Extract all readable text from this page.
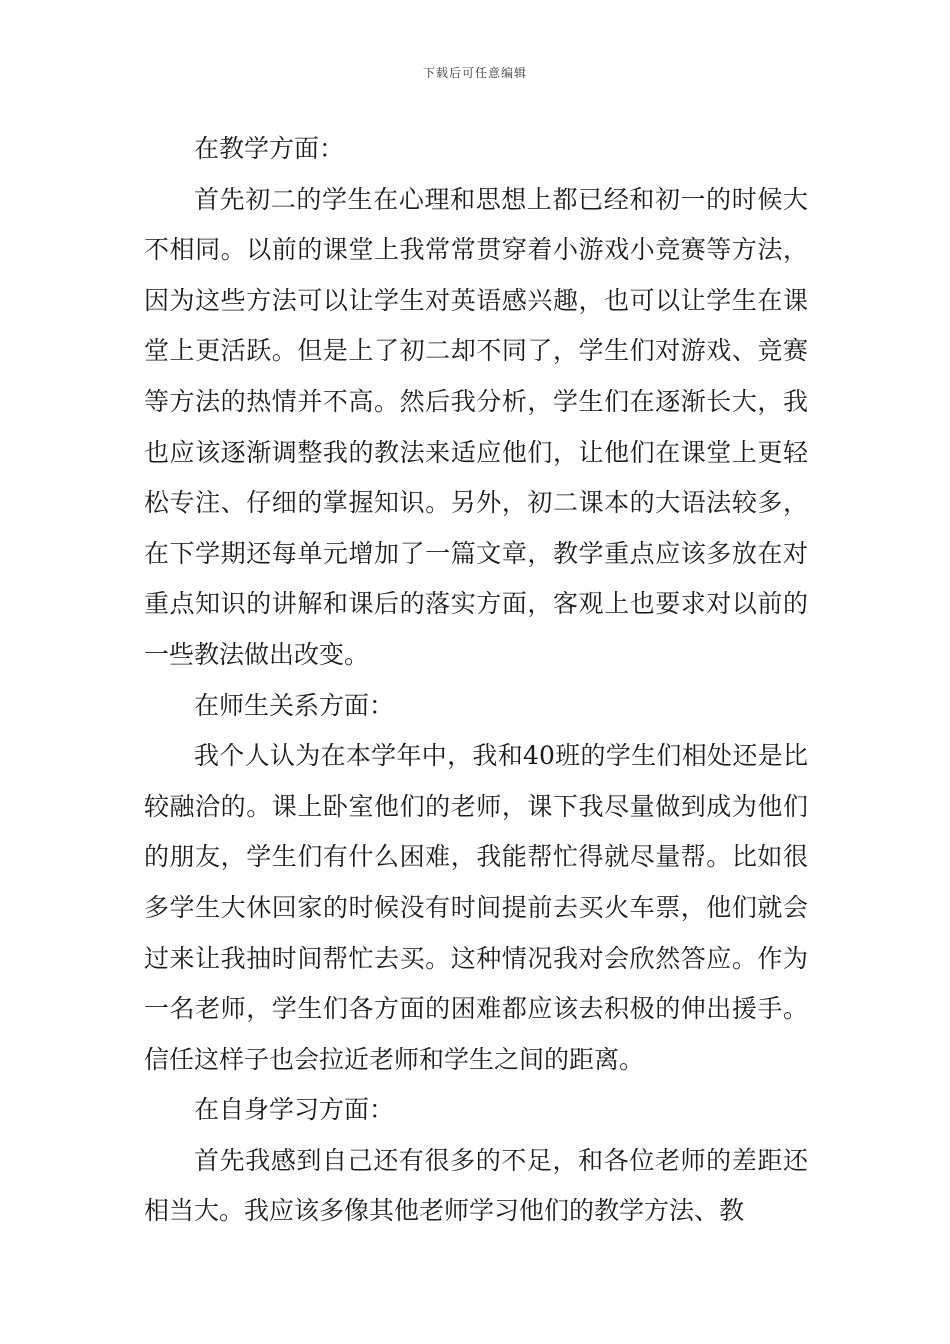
下载后可任意编辑

在教学方面：

首先初二的学生在心理和思想上都已经和初一的时候大不相同。以前的课堂上我常常贯穿着小游戏小竞赛等方法，因为这些方法可以让学生对英语感兴趣，也可以让学生在课堂上更活跃。但是上了初二却不同了，学生们对游戏、竞赛等方法的热情并不高。然后我分析，学生们在逐渐长大，我也应该逐渐调整我的教法来适应他们，让他们在课堂上更轻松专注、仔细的掌握知识。另外，初二课本的大语法较多，在下学期还每单元增加了一篇文章，教学重点应该多放在对重点知识的讲解和课后的落实方面，客观上也要求对以前的一些教法做出改变。

在师生关系方面：

我个人认为在本学年中，我和40班的学生们相处还是比较融洽的。课上卧室他们的老师，课下我尽量做到成为他们的朋友，学生们有什么困难，我能帮忙得就尽量帮。比如很多学生大休回家的时候没有时间提前去买火车票，他们就会过来让我抽时间帮忙去买。这种情况我对会欣然答应。作为一名老师，学生们各方面的困难都应该去积极的伸出援手。信任这样子也会拉近老师和学生之间的距离。

在自身学习方面：

首先我感到自己还有很多的不足，和各位老师的差距还相当大。我应该多像其他老师学习他们的教学方法、教
